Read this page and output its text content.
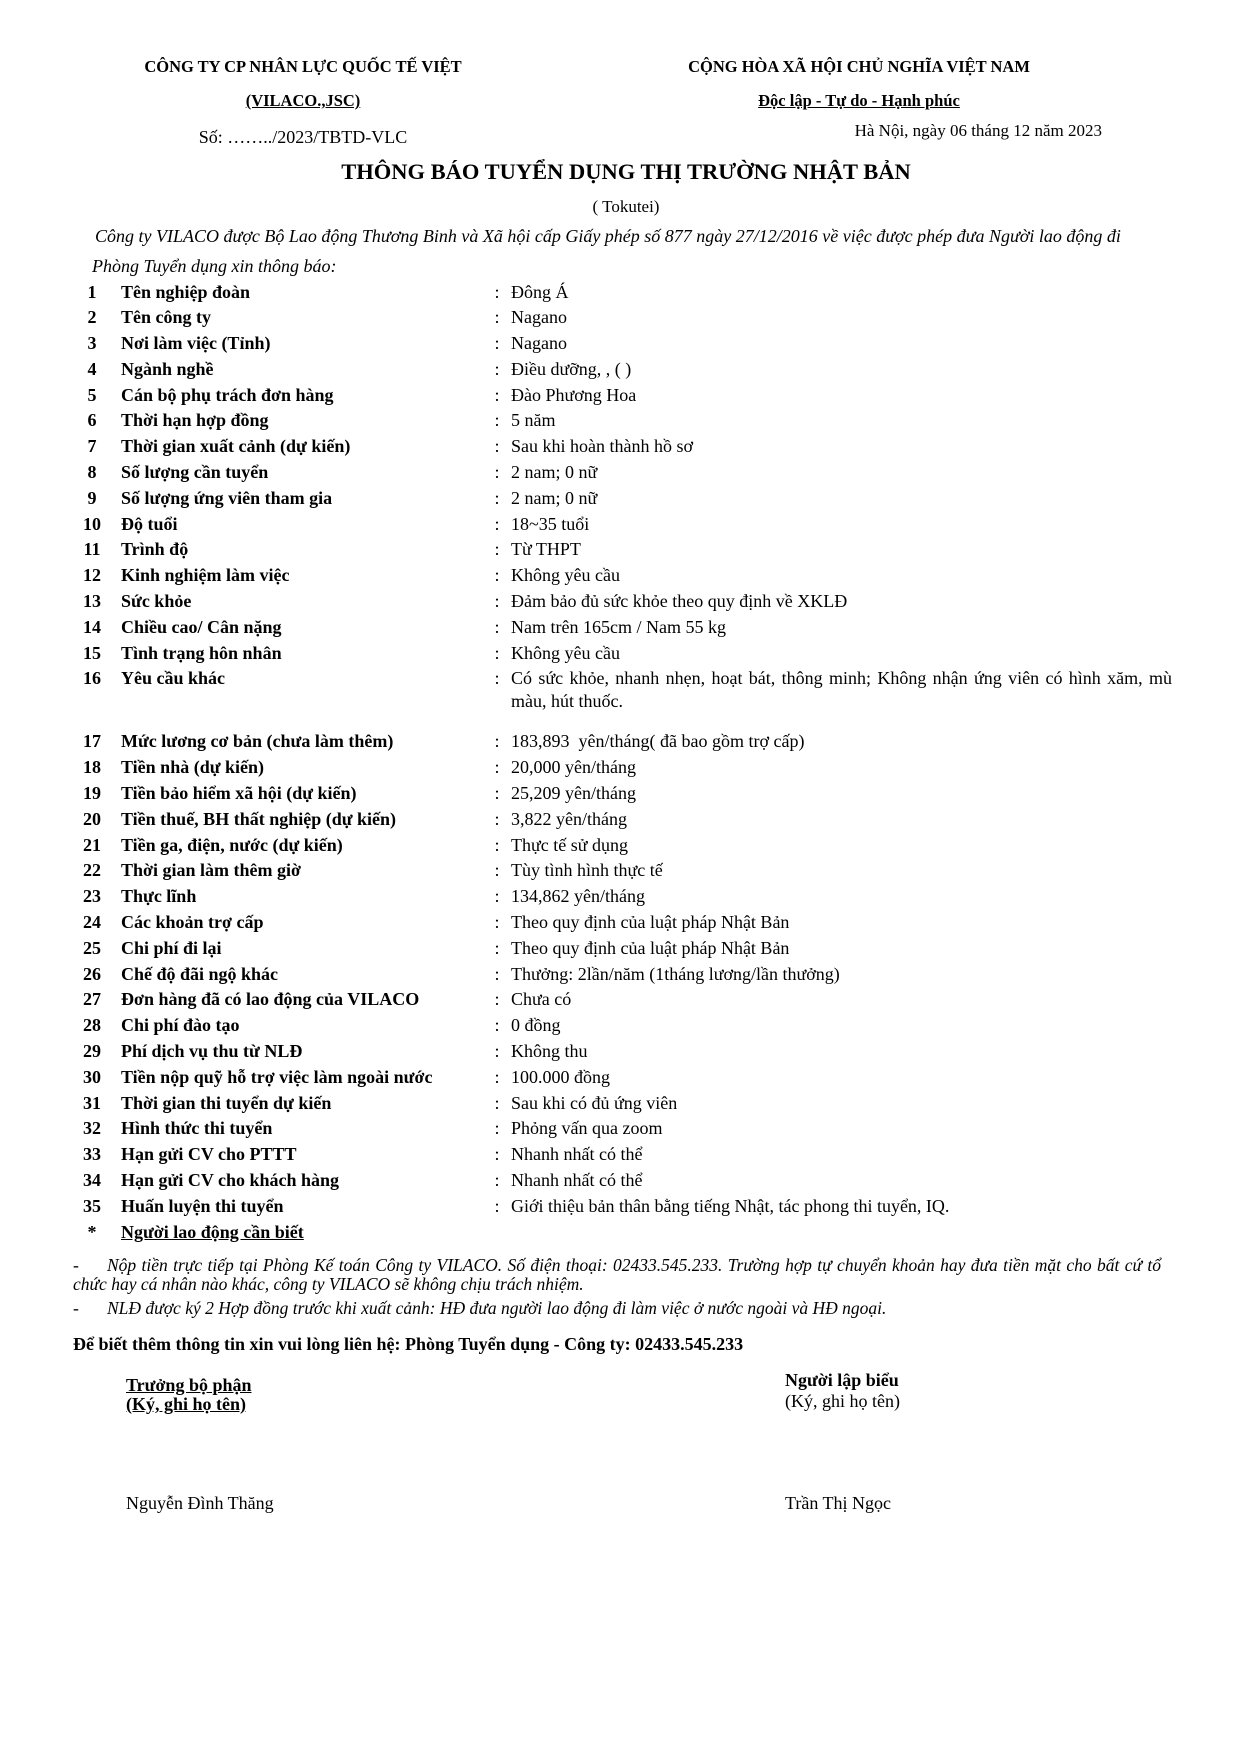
CÔNG TY CP NHÂN LỰC QUỐC TẾ VIỆT
(VILACO.,JSC)
Số: ……../2023/TBTD-VLC
CỘNG HÒA XÃ HỘI CHỦ NGHĨA VIỆT NAM
Độc lập - Tự do - Hạnh phúc
Hà Nội, ngày 06 tháng 12 năm 2023
THÔNG BÁO TUYỂN DỤNG THỊ TRƯỜNG NHẬT BẢN
( Tokutei)
Công ty VILACO được Bộ Lao động Thương Binh và Xã hội cấp Giấy phép số 877 ngày 27/12/2016 về việc được phép đưa Người lao động đi
Phòng Tuyển dụng xin thông báo:
1	Tên nghiệp đoàn	: Đông Á
2	Tên công ty	: Nagano
3	Nơi làm việc (Tỉnh)	: Nagano
4	Ngành nghề	: Điều dưỡng, , ( )
5	Cán bộ phụ trách đơn hàng	: Đào Phương Hoa
6	Thời hạn hợp đồng	: 5 năm
7	Thời gian xuất cảnh (dự kiến)	: Sau khi hoàn thành hồ sơ
8	Số lượng cần tuyển	: 2 nam; 0 nữ
9	Số lượng ứng viên tham gia	: 2 nam; 0 nữ
10	Độ tuổi	: 18~35 tuổi
11	Trình độ	: Từ THPT
12	Kinh nghiệm làm việc	: Không yêu cầu
13	Sức khỏe	: Đảm bảo đủ sức khỏe theo quy định về XKLĐ
14	Chiều cao/ Cân nặng	: Nam trên 165cm / Nam 55 kg
15	Tình trạng hôn nhân	: Không yêu cầu
16	Yêu cầu khác	: Có sức khỏe, nhanh nhẹn, hoạt bát, thông minh; Không nhận ứng viên có hình xăm, mù màu, hút thuốc.
17	Mức lương cơ bản (chưa làm thêm)	: 183,893  yên/tháng( đã bao gồm trợ cấp)
18	Tiền nhà (dự kiến)	: 20,000 yên/tháng
19	Tiền bảo hiểm xã hội (dự kiến)	: 25,209 yên/tháng
20	Tiền thuế, BH thất nghiệp (dự kiến)	: 3,822 yên/tháng
21	Tiền ga, điện, nước (dự kiến)	: Thực tế sử dụng
22	Thời gian làm thêm giờ	: Tùy tình hình thực tế
23	Thực lĩnh	: 134,862 yên/tháng
24	Các khoản trợ cấp	: Theo quy định của luật pháp Nhật Bản
25	Chi phí đi lại	: Theo quy định của luật pháp Nhật Bản
26	Chế độ đãi ngộ khác	: Thưởng: 2lần/năm (1tháng lương/lần thưởng)
27	Đơn hàng đã có lao động của VILACO	: Chưa có
28	Chi phí đào tạo	: 0 đồng
29	Phí dịch vụ thu từ NLĐ	: Không thu
30	Tiền nộp quỹ hỗ trợ việc làm ngoài nước	: 100.000 đồng
31	Thời gian thi tuyển dự kiến	: Sau khi có đủ ứng viên
32	Hình thức thi tuyển	: Phỏng vấn qua zoom
33	Hạn gửi CV cho PTTT	: Nhanh nhất có thể
34	Hạn gửi CV cho khách hàng	: Nhanh nhất có thể
35	Huấn luyện thi tuyển	: Giới thiệu bản thân bằng tiếng Nhật, tác phong thi tuyển, IQ.
*	Người lao động cần biết

- Nộp tiền trực tiếp tại Phòng Kế toán Công ty VILACO. Số điện thoại: 02433.545.233. Trường hợp tự chuyển khoản hay đưa tiền mặt cho bất cứ tổ chức hay cá nhân nào khác, công ty VILACO sẽ không chịu trách nhiệm.

- NLĐ được ký 2 Hợp đồng trước khi xuất cảnh: HĐ đưa người lao động đi làm việc ở nước ngoài và HĐ ngoại.

Để biết thêm thông tin xin vui lòng liên hệ: Phòng Tuyển dụng - Công ty: 02433.545.233
Trưởng bộ phận
(Ký, ghi họ tên)
Người lập biểu
(Ký, ghi họ tên)
Nguyễn Đình Thăng	Trần Thị Ngọc
